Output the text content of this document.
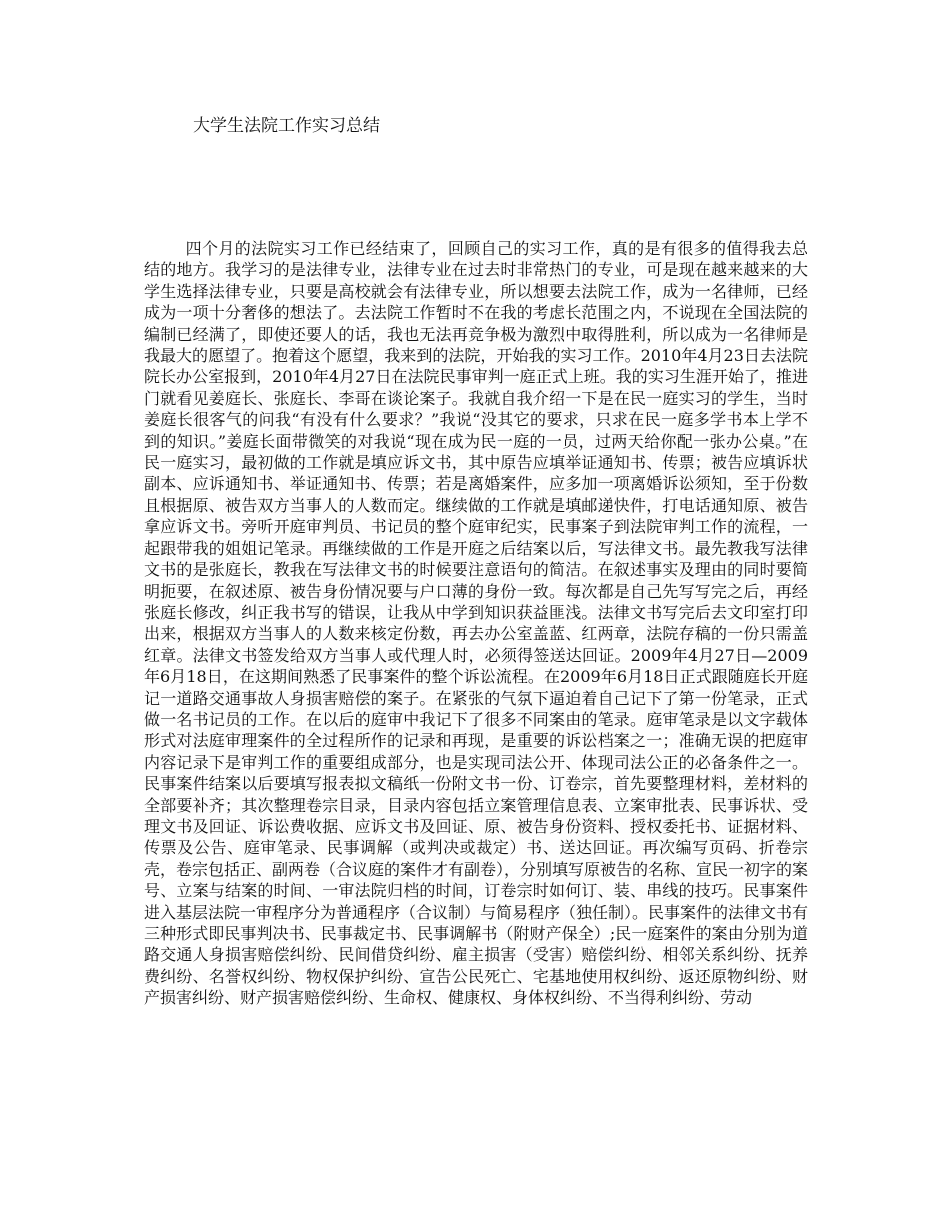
大学生法院工作实习总结

四个月的法院实习工作已经结束了，回顾自己的实习工作，真的是有很多的值得我去总结的地方。我学习的是法律专业，法律专业在过去时非常热门的专业，可是现在越来越来的大学生选择法律专业，只要是高校就会有法律专业，所以想要去法院工作，成为一名律师，已经成为一项十分奢侈的想法了。去法院工作暂时不在我的考虑长范围之内，不说现在全国法院的编制已经满了，即使还要人的话，我也无法再竞争极为激烈中取得胜利，所以成为一名律师是我最大的愿望了。抱着这个愿望，我来到的法院，开始我的实习工作。2010年4月23日去法院院长办公室报到，2010年4月27日在法院民事审判一庭正式上班。我的实习生涯开始了，推进门就看见姜庭长、张庭长、李哥在谈论案子。我就自我介绍一下是在民一庭实习的学生，当时姜庭长很客气的问我“有没有什么要求？”我说“没其它的要求，只求在民一庭多学书本上学不到的知识。”姜庭长面带微笑的对我说“现在成为民一庭的一员，过两天给你配一张办公桌。”在民一庭实习，最初做的工作就是填应诉文书，其中原告应填举证通知书、传票；被告应填诉状副本、应诉通知书、举证通知书、传票；若是离婚案件，应多加一项离婚诉讼须知，至于份数且根据原、被告双方当事人的人数而定。继续做的工作就是填邮递快件，打电话通知原、被告拿应诉文书。旁听开庭审判员、书记员的整个庭审纪实，民事案子到法院审判工作的流程，一起跟带我的姐姐记笔录。再继续做的工作是开庭之后结案以后，写法律文书。最先教我写法律文书的是张庭长，教我在写法律文书的时候要注意语句的简洁。在叙述事实及理由的同时要简明扼要，在叙述原、被告身份情况要与户口薄的身份一致。每次都是自己先写写完之后，再经张庭长修改，纠正我书写的错误，让我从中学到知识获益匪浅。法律文书写完后去文印室打印出来，根据双方当事人的人数来核定份数，再去办公室盖蓝、红两章，法院存稿的一份只需盖红章。法律文书签发给双方当事人或代理人时，必须得签送达回证。2009年4月27日—2009年6月18日，在这期间熟悉了民事案件的整个诉讼流程。在2009年6月18日正式跟随庭长开庭记一道路交通事故人身损害赔偿的案子。在紧张的气氛下逼迫着自己记下了第一份笔录，正式做一名书记员的工作。在以后的庭审中我记下了很多不同案由的笔录。庭审笔录是以文字载体形式对法庭审理案件的全过程所作的记录和再现，是重要的诉讼档案之一；准确无误的把庭审内容记录下是审判工作的重要组成部分，也是实现司法公开、体现司法公正的必备条件之一。民事案件结案以后要填写报表拟文稿纸一份附文书一份、订卷宗，首先要整理材料，差材料的全部要补齐；其次整理卷宗目录，目录内容包括立案管理信息表、立案审批表、民事诉状、受理文书及回证、诉讼费收据、应诉文书及回证、原、被告身份资料、授权委托书、证据材料、传票及公告、庭审笔录、民事调解（或判决或裁定）书、送达回证。再次编写页码、折卷宗壳，卷宗包括正、副两卷（合议庭的案件才有副卷），分别填写原被告的名称、宣民一初字的案号、立案与结案的时间、一审法院归档的时间，订卷宗时如何订、装、串线的技巧。民事案件进入基层法院一审程序分为普通程序（合议制）与简易程序（独任制）。民事案件的法律文书有三种形式即民事判决书、民事裁定书、民事调解书（附财产保全）;民一庭案件的案由分别为道路交通人身损害赔偿纠纷、民间借贷纠纷、雇主损害（受害）赔偿纠纷、相邻关系纠纷、抚养费纠纷、名誉权纠纷、物权保护纠纷、宣告公民死亡、宅基地使用权纠纷、返还原物纠纷、财产损害纠纷、财产损害赔偿纠纷、生命权、健康权、身体权纠纷、不当得利纠纷、劳动
